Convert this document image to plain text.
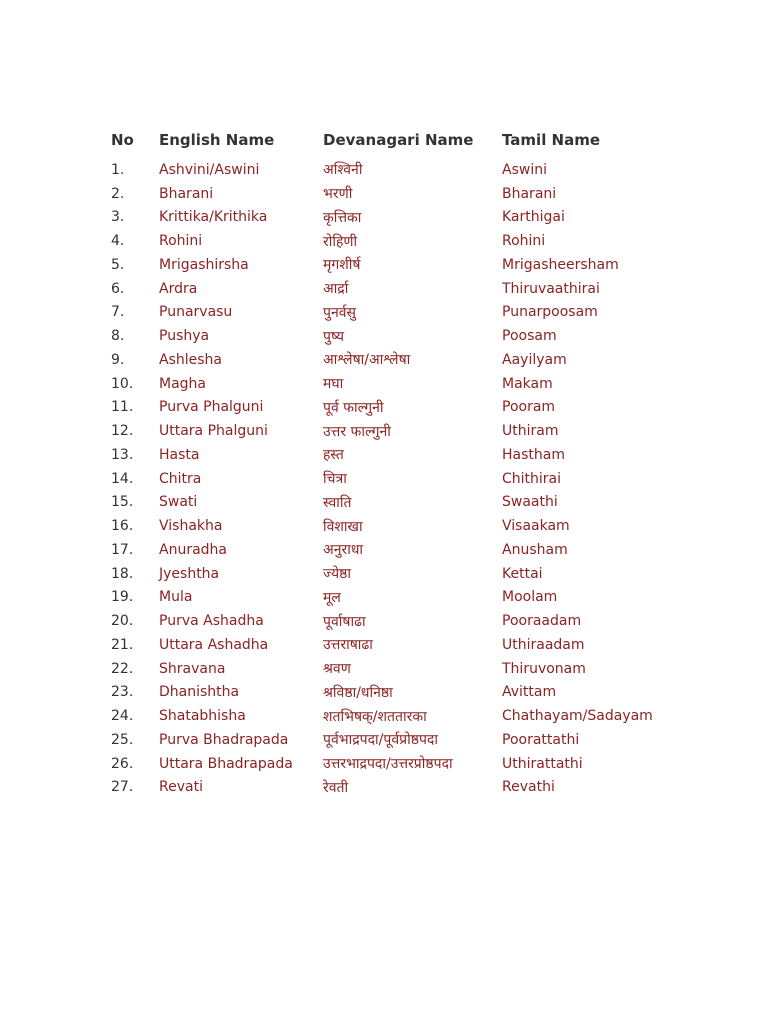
No	English Name	Devanagari Name	Tamil Name
1.	Ashvini/Aswini	अश्विनी	Aswini
2.	Bharani	भरणी	Bharani
3.	Krittika/Krithika	कृत्तिका	Karthigai
4.	Rohini	रोहिणी	Rohini
5.	Mrigashirsha	मृगशीर्ष	Mrigasheersham
6.	Ardra	आर्द्रा	Thiruvaathirai
7.	Punarvasu	पुनर्वसु	Punarpoosam
8.	Pushya	पुष्य	Poosam
9.	Ashlesha	आश्लेषा/आश्लेषा	Aayilyam
10.	Magha	मघा	Makam
11.	Purva Phalguni	पूर्व फाल्गुनी	Pooram
12.	Uttara Phalguni	उत्तर फाल्गुनी	Uthiram
13.	Hasta	हस्त	Hastham
14.	Chitra	चित्रा	Chithirai
15.	Swati	स्वाति	Swaathi
16.	Vishakha	विशाखा	Visaakam
17.	Anuradha	अनुराधा	Anusham
18.	Jyeshtha	ज्येष्ठा	Kettai
19.	Mula	मूल	Moolam
20.	Purva Ashadha	पूर्वाषाढा	Pooraadam
21.	Uttara Ashadha	उत्तराषाढा	Uthiraadam
22.	Shravana	श्रवण	Thiruvonam
23.	Dhanishtha	श्रविष्ठा/धनिष्ठा	Avittam
24.	Shatabhisha	शतभिषक्/शततारका	Chathayam/Sadayam
25.	Purva Bhadrapada	पूर्वभाद्रपदा/पूर्वप्रोष्ठपदा	Poorattathi
26.	Uttara Bhadrapada	उत्तरभाद्रपदा/उत्तरप्रोष्ठपदा	Uthirattathi
27.	Revati	रेवती	Revathi
